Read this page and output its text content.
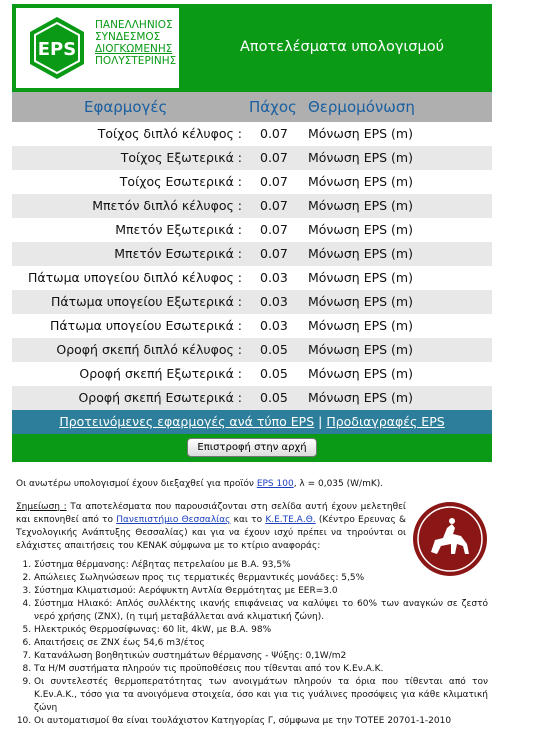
EPS
ΠΑΝΕΛΛΗΝΙΟΣ
ΣΥΝΔΕΣΜΟΣ
ΔΙΟΓΚΩΜΕΝΗΣ
ΠΟΛΥΣΤΕΡΙΝΗΣ
Αποτελέσματα υπολογισμού
Εφαρμογές	Πάχος Θερμομόνωση
Τοίχος διπλό κέλυφος : 0.07 Μόνωση EPS (m)
Τοίχος Εξωτερικά : 0.07 Μόνωση EPS (m)
Τοίχος Εσωτερικά : 0.07 Μόνωση EPS (m)
Μπετόν διπλό κέλυφος : 0.07 Μόνωση EPS (m)
Μπετόν Εξωτερικά : 0.07 Μόνωση EPS (m)
Μπετόν Εσωτερικά : 0.07 Μόνωση EPS (m)
Πάτωμα υπογείου διπλό κέλυφος : 0.03 Μόνωση EPS (m)
Πάτωμα υπογείου Εξωτερικά : 0.03 Μόνωση EPS (m)
Πάτωμα υπογείου Εσωτερικά : 0.03 Μόνωση EPS (m)
Οροφή σκεπή διπλό κέλυφος : 0.05 Μόνωση EPS (m)
Οροφή σκεπή Εξωτερικά : 0.05 Μόνωση EPS (m)
Οροφή σκεπή Εσωτερικά : 0.05 Μόνωση EPS (m)
Προτεινόμενες εφαρμογές ανά τύπο EPS | Προδιαγραφές EPS
Επιστροφή στην αρχή

Οι ανωτέρω υπολογισμοί έχουν διεξαχθεί για προϊόν EPS 100, λ = 0,035 (W/mK).

Σημείωση : Τα αποτελέσματα που παρουσιάζονται στη σελίδα αυτή έχουν μελετηθεί και εκπονηθεί από το Πανεπιστήμιο Θεσσαλίας και το Κ.Ε.ΤΕ.Α.Θ. (Κέντρο Ερευνας & Τεχνολογικής Ανάπτυξης Θεσσαλίας) και για να έχουν ισχύ πρέπει να τηρούνται οι ελάχιστες απαιτήσεις του ΚΕΝΑΚ σύμφωνα με το κτίριο αναφοράς:

1. Σύστημα θέρμανσης: Λέβητας πετρελαίου με Β.Α. 93,5%
2. Απώλειες Σωληνώσεων προς τις τερματικές θερμαντικές μονάδες: 5,5%
3. Σύστημα Κλιματισμού: Αερόψυκτη Αντλία Θερμότητας με EER=3.0
4. Σύστημα Ηλιακό: Απλός συλλέκτης ικανής επιφάνειας να καλύψει το 60% των αναγκών σε ζεστό νερό χρήσης (ΖΝΧ), (η τιμή μεταβάλλεται ανά κλιματική ζώνη).
5. Ηλεκτρικός Θερμοσίφωνας: 60 lit, 4kW, με Β.Α. 98%
6. Απαιτήσεις σε ΖΝΧ έως 54,6 m3/έτος
7. Κατανάλωση βοηθητικών συστημάτων θέρμανσης - Ψύξης: 0,1W/m2
8. Τα Η/Μ συστήματα πληρούν τις προϋποθέσεις που τίθενται από τον Κ.Εν.Α.Κ.
9. Οι συντελεστές θερμοπερατότητας των ανοιγμάτων πληρούν τα όρια που τίθενται από τον Κ.Εν.Α.Κ., τόσο για τα ανοιγόμενα στοιχεία, όσο και για τις γυάλινες προσόψεις για κάθε κλιματική ζώνη
10. Οι αυτοματισμοί θα είναι τουλάχιστον Κατηγορίας Γ, σύμφωνα με την ΤΟΤΕΕ 20701-1-2010
